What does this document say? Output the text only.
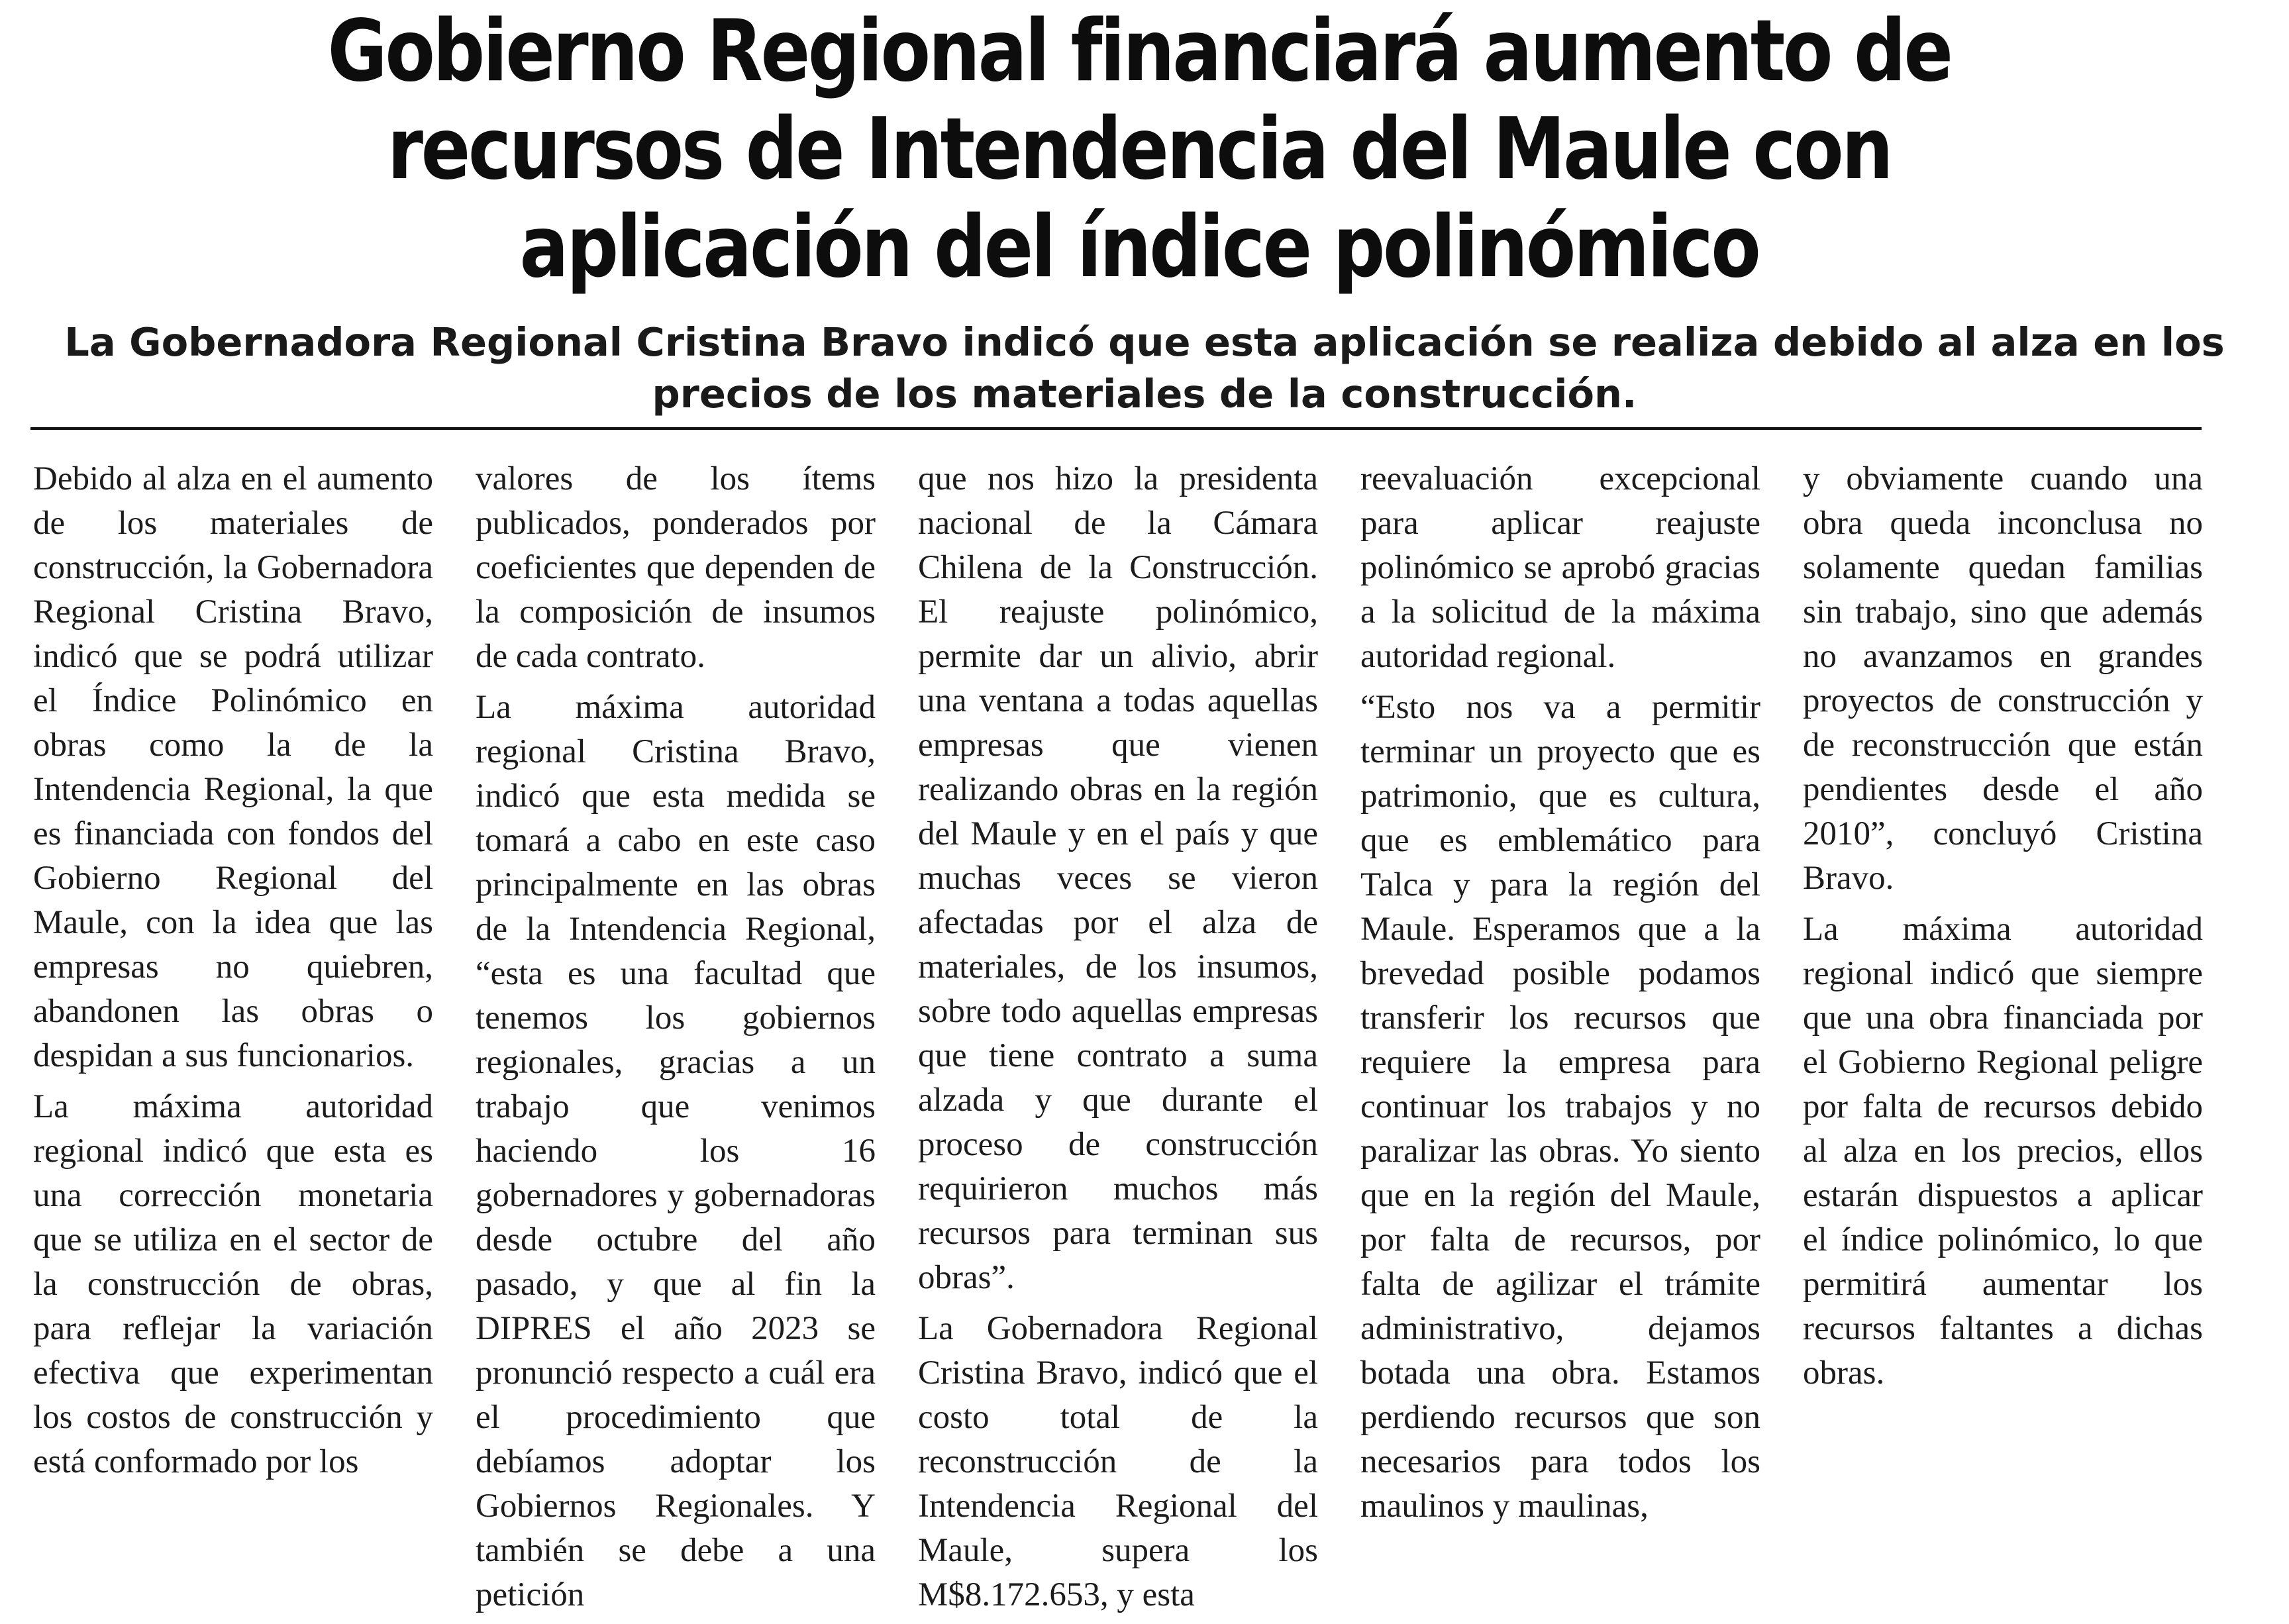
Gobierno Regional financiará aumento de recursos de Intendencia del Maule con aplicación del índice polinómico
La Gobernadora Regional Cristina Bravo indicó que esta aplicación se realiza debido al alza en los precios de los materiales de la construcción.

Debido al alza en el aumento de los materiales de construcción, la Gobernadora Regional Cristina Bravo, indicó que se podrá utilizar el Índice Polinómico en obras como la de la Intendencia Regional, la que es financiada con fondos del Gobierno Regional del Maule, con la idea que las empresas no quiebren, abandonen las obras o despidan a sus funcionarios.

La máxima autoridad regional indicó que esta es una corrección monetaria que se utiliza en el sector de la construcción de obras, para reflejar la variación efectiva que experimentan los costos de construcción y está conformado por los

valores de los ítems publicados, ponderados por coeficientes que dependen de la composición de insumos de cada contrato.

La máxima autoridad regional Cristina Bravo, indicó que esta medida se tomará a cabo en este caso principalmente en las obras de la Intendencia Regional, “esta es una facultad que tenemos los gobiernos regionales, gracias a un trabajo que venimos haciendo los 16 gobernadores y gobernadoras desde octubre del año pasado, y que al fin la DIPRES el año 2023 se pronunció respecto a cuál era el procedimiento que debíamos adoptar los Gobiernos Regionales. Y también se debe a una petición

que nos hizo la presidenta nacional de la Cámara Chilena de la Construcción. El reajuste polinómico, permite dar un alivio, abrir una ventana a todas aquellas empresas que vienen realizando obras en la región del Maule y en el país y que muchas veces se vieron afectadas por el alza de materiales, de los insumos, sobre todo aquellas empresas que tiene contrato a suma alzada y que durante el proceso de construcción requirieron muchos más recursos para terminan sus obras”.

La Gobernadora Regional Cristina Bravo, indicó que el costo total de la reconstrucción de la Intendencia Regional del Maule, supera los M$8.172.653, y esta

reevaluación excepcional para aplicar reajuste polinómico se aprobó gracias a la solicitud de la máxima autoridad regional.

“Esto nos va a permitir terminar un proyecto que es patrimonio, que es cultura, que es emblemático para Talca y para la región del Maule. Esperamos que a la brevedad posible podamos transferir los recursos que requiere la empresa para continuar los trabajos y no paralizar las obras. Yo siento que en la región del Maule, por falta de recursos, por falta de agilizar el trámite administrativo, dejamos botada una obra. Estamos perdiendo recursos que son necesarios para todos los maulinos y maulinas,

y obviamente cuando una obra queda inconclusa no solamente quedan familias sin trabajo, sino que además no avanzamos en grandes proyectos de construcción y de reconstrucción que están pendientes desde el año 2010”, concluyó Cristina Bravo.

La máxima autoridad regional indicó que siempre que una obra financiada por el Gobierno Regional peligre por falta de recursos debido al alza en los precios, ellos estarán dispuestos a aplicar el índice polinómico, lo que permitirá aumentar los recursos faltantes a dichas obras.
